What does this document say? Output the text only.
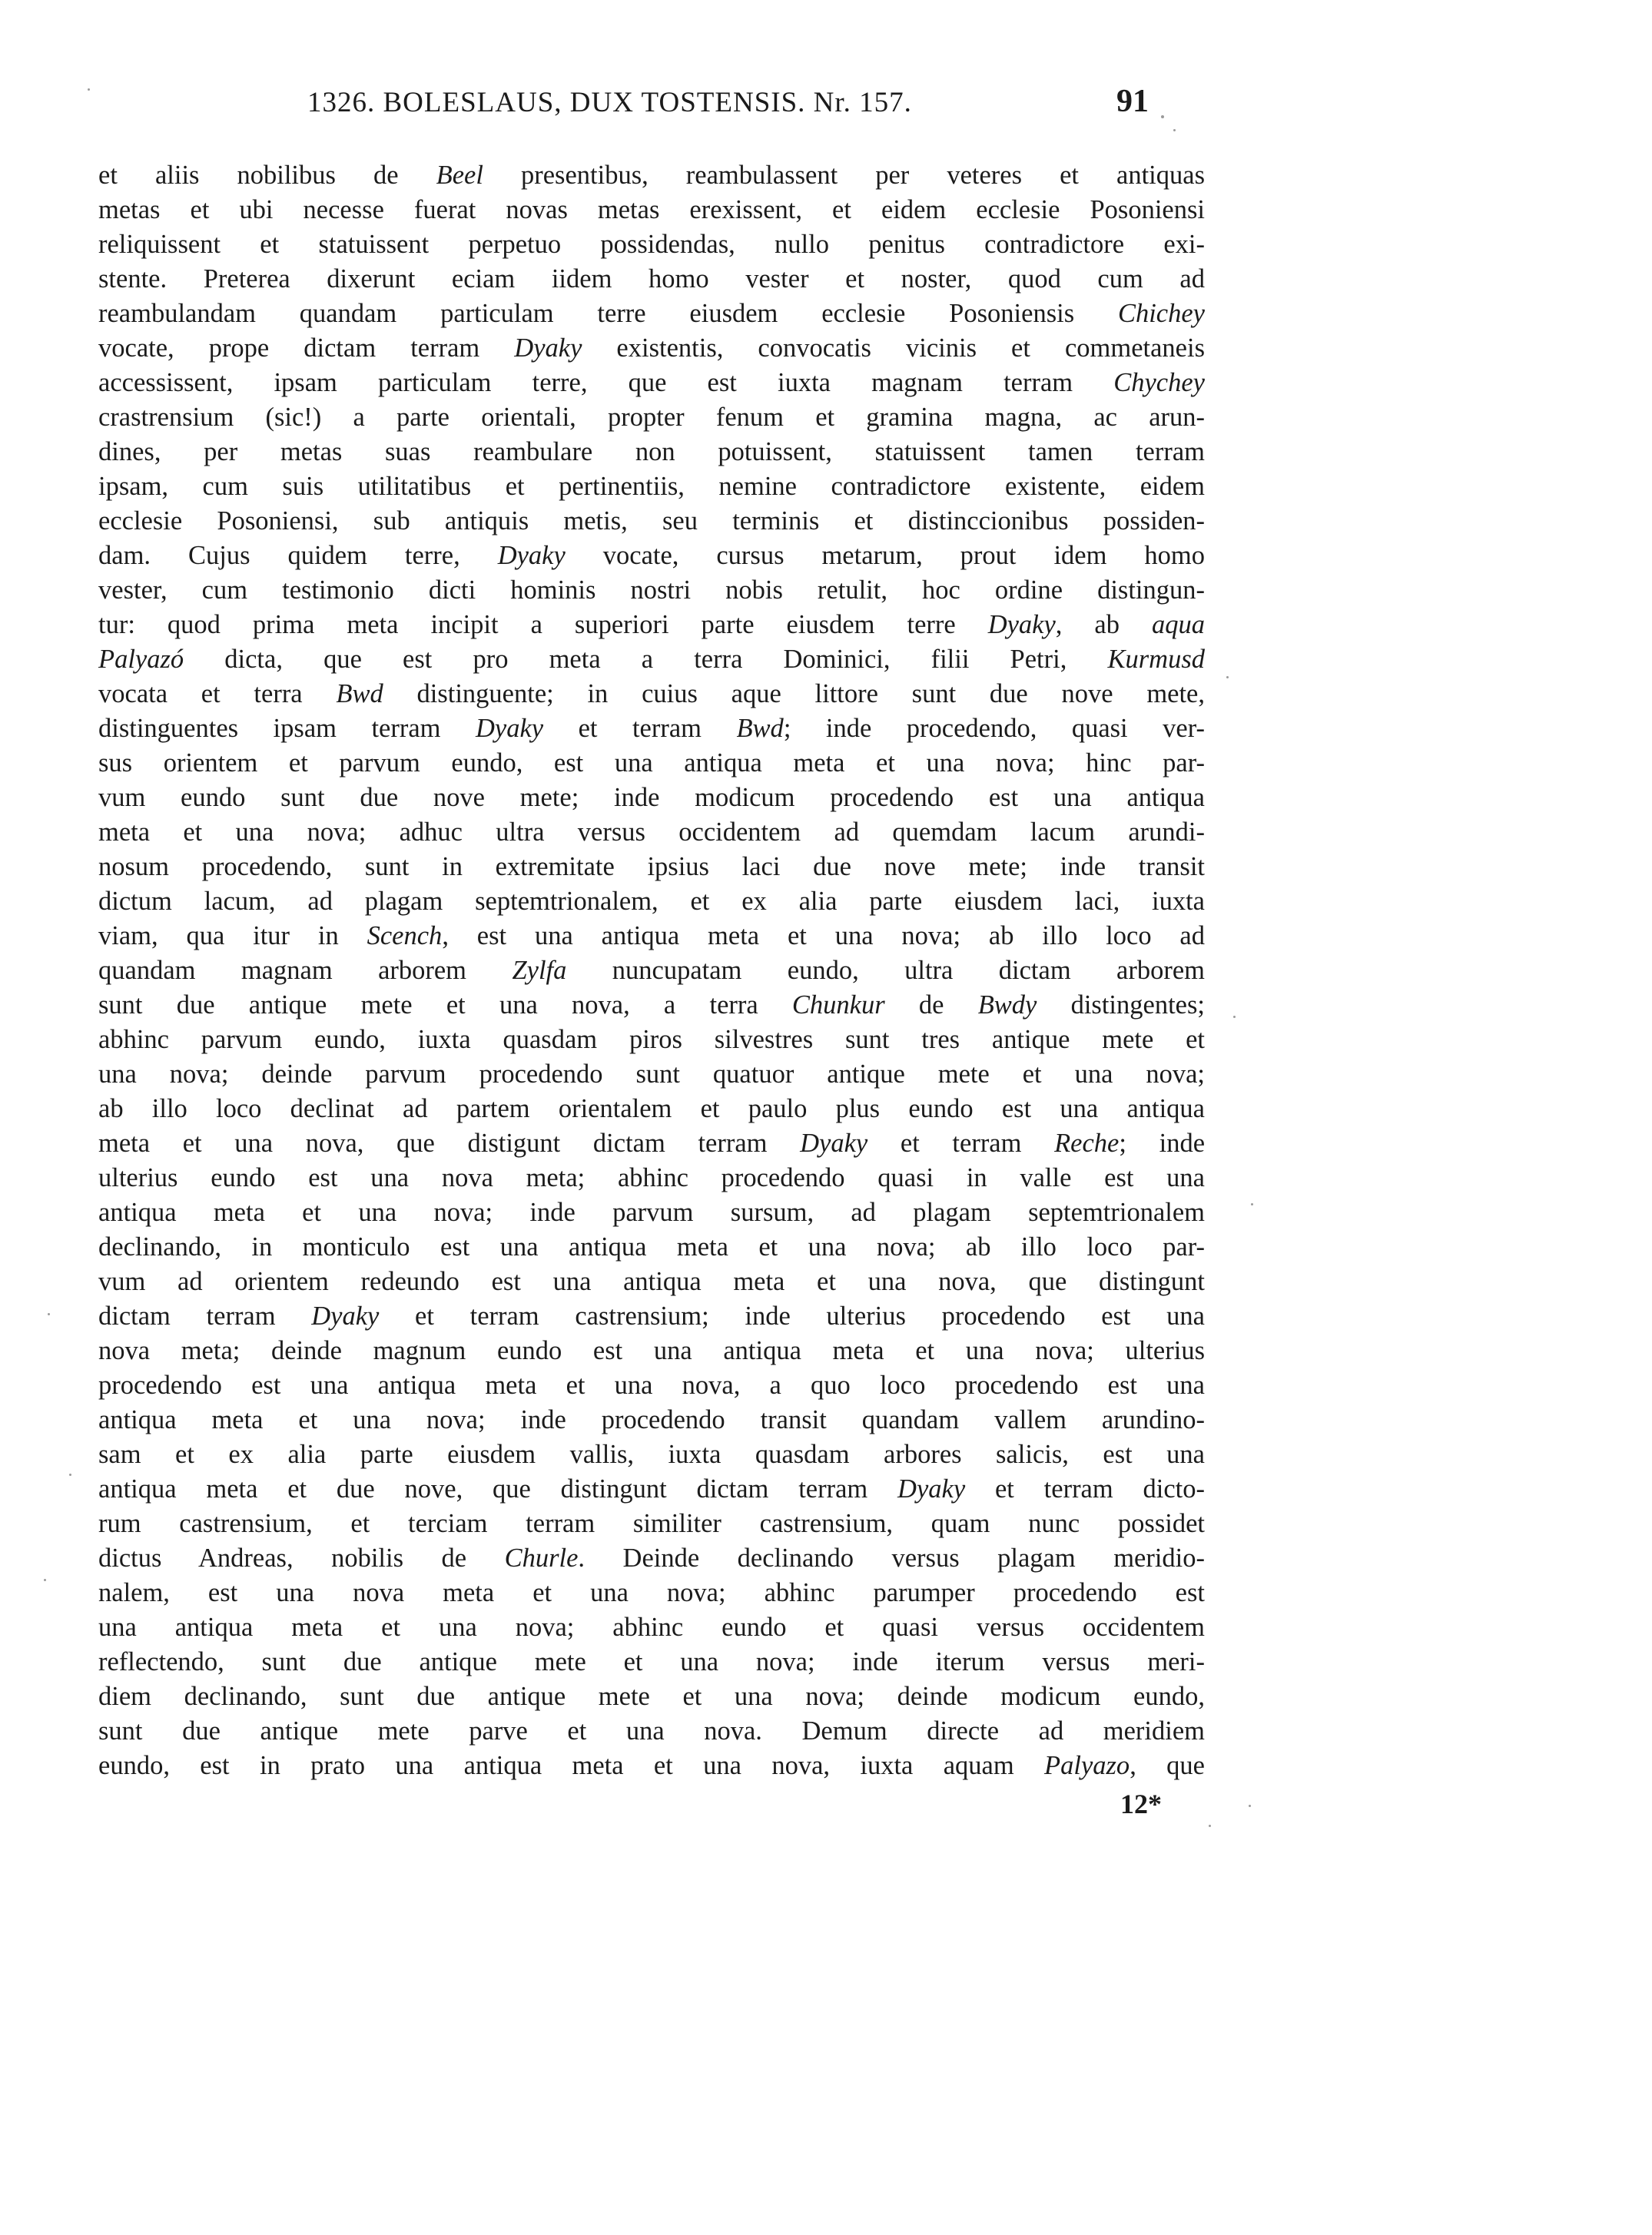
1326. BOLESLAUS, DUX TOSTENSIS. Nr. 157.	91
et aliis nobilibus de Beel presentibus, reambulassent per veteres et antiquas
metas et ubi necesse fuerat novas metas erexissent, et eidem ecclesie Posoniensi
reliquissent et statuissent perpetuo possidendas, nullo penitus contradictore exi-
stente. Preterea dixerunt eciam iidem homo vester et noster, quod cum ad
reambulandam quandam particulam terre eiusdem ecclesie Posoniensis Chichey
vocate, prope dictam terram Dyaky existentis, convocatis vicinis et commetaneis
accessissent, ipsam particulam terre, que est iuxta magnam terram Chychey
crastrensium (sic!) a parte orientali, propter fenum et gramina magna, ac arun-
dines, per metas suas reambulare non potuissent, statuissent tamen terram
ipsam, cum suis utilitatibus et pertinentiis, nemine contradictore existente, eidem
ecclesie Posoniensi, sub antiquis metis, seu terminis et distinccionibus possiden-
dam. Cujus quidem terre, Dyaky vocate, cursus metarum, prout idem homo
vester, cum testimonio dicti hominis nostri nobis retulit, hoc ordine distingun-
tur: quod prima meta incipit a superiori parte eiusdem terre Dyaky, ab aqua
Palyazó dicta, que est pro meta a terra Dominici, filii Petri, Kurmusd
vocata et terra Bwd distinguente; in cuius aque littore sunt due nove mete,
distinguentes ipsam terram Dyaky et terram Bwd; inde procedendo, quasi ver-
sus orientem et parvum eundo, est una antiqua meta et una nova; hinc par-
vum eundo sunt due nove mete; inde modicum procedendo est una antiqua
meta et una nova; adhuc ultra versus occidentem ad quemdam lacum arundi-
nosum procedendo, sunt in extremitate ipsius laci due nove mete; inde transit
dictum lacum, ad plagam septemtrionalem, et ex alia parte eiusdem laci, iuxta
viam, qua itur in Scench, est una antiqua meta et una nova; ab illo loco ad
quandam magnam arborem Zylfa nuncupatam eundo, ultra dictam arborem
sunt due antique mete et una nova, a terra Chunkur de Bwdy distingentes;
abhinc parvum eundo, iuxta quasdam piros silvestres sunt tres antique mete et
una nova; deinde parvum procedendo sunt quatuor antique mete et una nova;
ab illo loco declinat ad partem orientalem et paulo plus eundo est una antiqua
meta et una nova, que distigunt dictam terram Dyaky et terram Reche; inde
ulterius eundo est una nova meta; abhinc procedendo quasi in valle est una
antiqua meta et una nova; inde parvum sursum, ad plagam septemtrionalem
declinando, in monticulo est una antiqua meta et una nova; ab illo loco par-
vum ad orientem redeundo est una antiqua meta et una nova, que distingunt
dictam terram Dyaky et terram castrensium; inde ulterius procedendo est una
nova meta; deinde magnum eundo est una antiqua meta et una nova; ulterius
procedendo est una antiqua meta et una nova, a quo loco procedendo est una
antiqua meta et una nova; inde procedendo transit quandam vallem arundino-
sam et ex alia parte eiusdem vallis, iuxta quasdam arbores salicis, est una
antiqua meta et due nove, que distingunt dictam terram Dyaky et terram dicto-
rum castrensium, et terciam terram similiter castrensium, quam nunc possidet
dictus Andreas, nobilis de Churle. Deinde declinando versus plagam meridio-
nalem, est una nova meta et una nova; abhinc parumper procedendo est
una antiqua meta et una nova; abhinc eundo et quasi versus occidentem
reflectendo, sunt due antique mete et una nova; inde iterum versus meri-
diem declinando, sunt due antique mete et una nova; deinde modicum eundo,
sunt due antique mete parve et una nova. Demum directe ad meridiem
eundo, est in prato una antiqua meta et una nova, iuxta aquam Palyazo, que
12*
